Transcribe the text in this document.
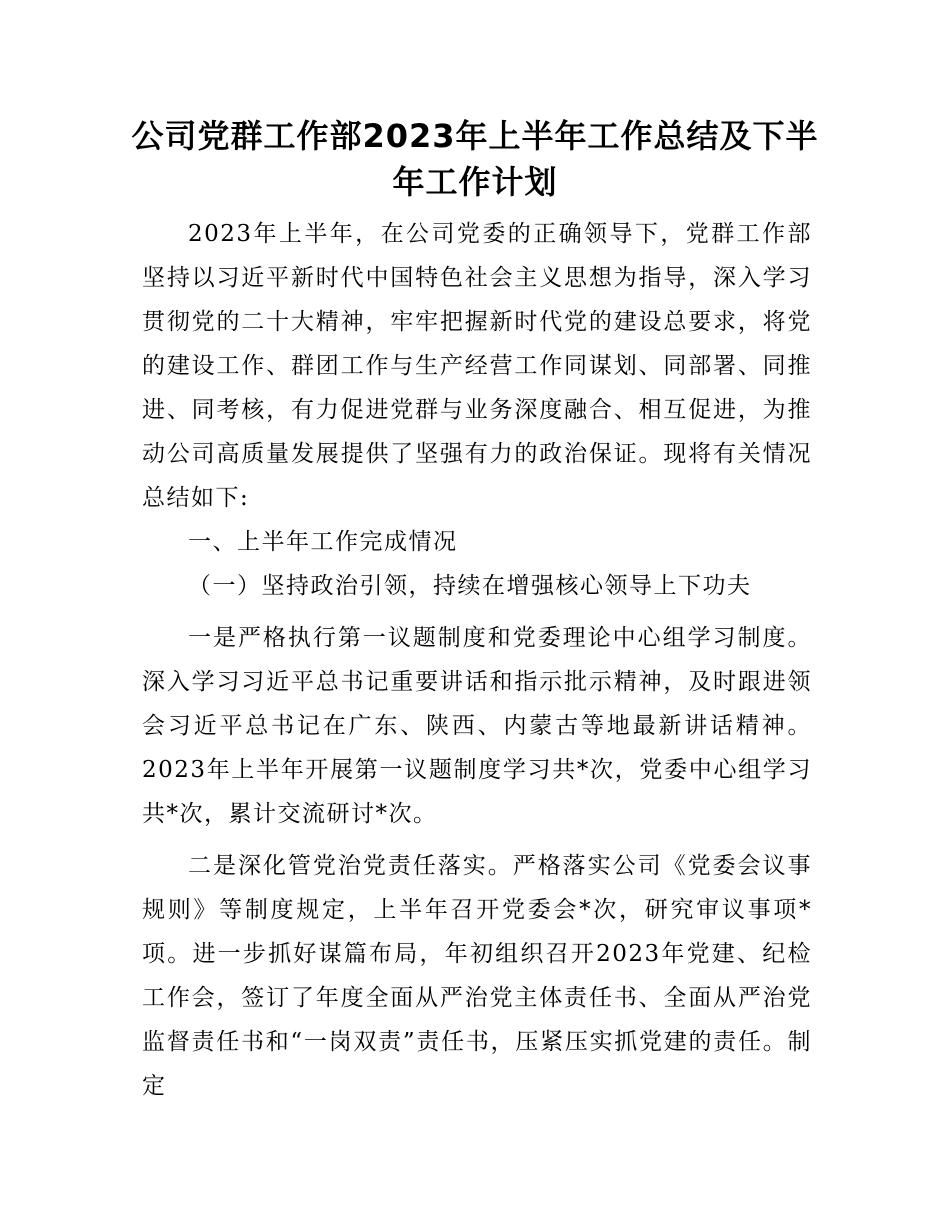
公司党群工作部2023年上半年工作总结及下半
年工作计划

2023年上半年，在公司党委的正确领导下，党群工作部坚持以习近平新时代中国特色社会主义思想为指导，深入学习贯彻党的二十大精神，牢牢把握新时代党的建设总要求，将党的建设工作、群团工作与生产经营工作同谋划、同部署、同推进、同考核，有力促进党群与业务深度融合、相互促进，为推动公司高质量发展提供了坚强有力的政治保证。现将有关情况总结如下:

一、上半年工作完成情况

（一）坚持政治引领，持续在增强核心领导上下功夫

一是严格执行第一议题制度和党委理论中心组学习制度。深入学习习近平总书记重要讲话和指示批示精神，及时跟进领会习近平总书记在广东、陕西、内蒙古等地最新讲话精神。2023年上半年开展第一议题制度学习共*次，党委中心组学习共*次，累计交流研讨*次。

二是深化管党治党责任落实。严格落实公司《党委会议事规则》等制度规定，上半年召开党委会*次，研究审议事项*项。进一步抓好谋篇布局，年初组织召开2023年党建、纪检工作会，签订了年度全面从严治党主体责任书、全面从严治党监督责任书和“一岗双责”责任书，压紧压实抓党建的责任。制定
